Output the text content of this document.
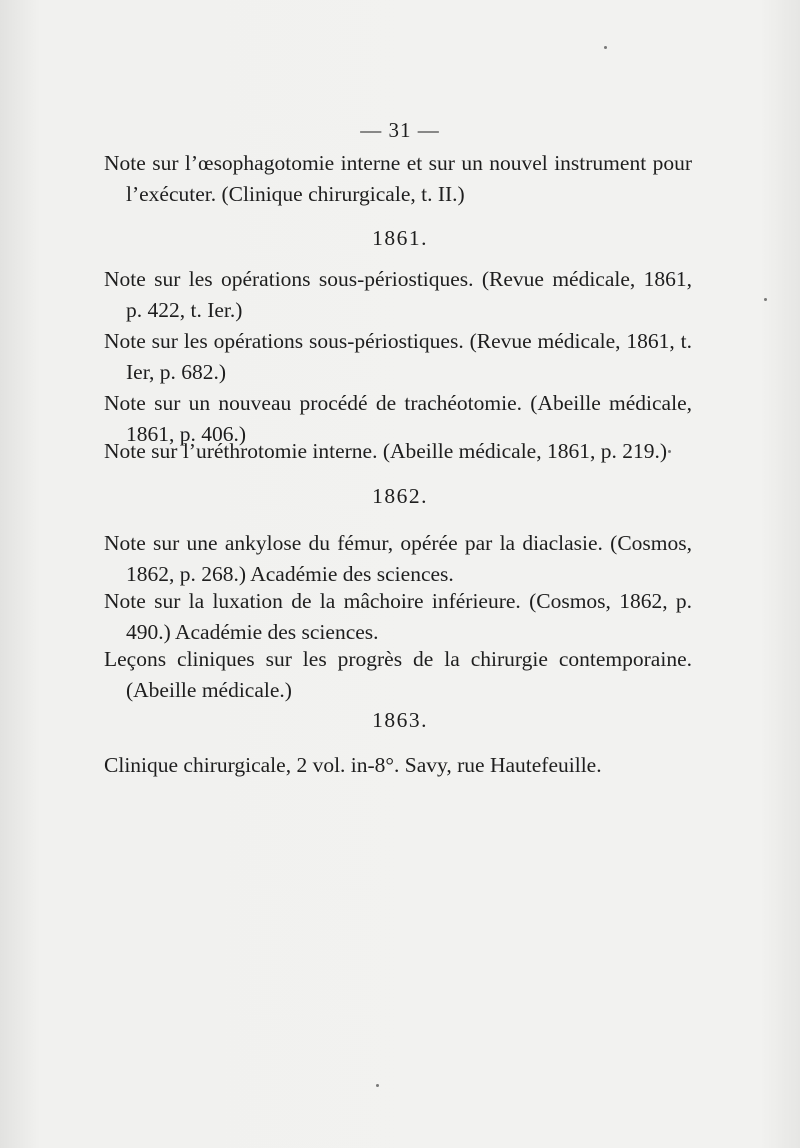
— 31 —
Note sur l’œsophagotomie interne et sur un nouvel instrument pour l’exécuter. (Clinique chirurgicale, t. II.)
1861.
Note sur les opérations sous-périostiques. (Revue médicale, 1861, p. 422, t. Ier.)
Note sur les opérations sous-périostiques. (Revue médicale, 1861, t. Ier, p. 682.)
Note sur un nouveau procédé de trachéotomie. (Abeille médicale, 1861, p. 406.)
Note sur l’uréthrotomie interne. (Abeille médicale, 1861, p. 219.)
1862.
Note sur une ankylose du fémur, opérée par la diaclasie. (Cosmos, 1862, p. 268.) Académie des sciences.
Note sur la luxation de la mâchoire inférieure. (Cosmos, 1862, p. 490.) Académie des sciences.
Leçons cliniques sur les progrès de la chirurgie contemporaine. (Abeille médicale.)
1863.
Clinique chirurgicale, 2 vol. in-8°. Savy, rue Hautefeuille.
